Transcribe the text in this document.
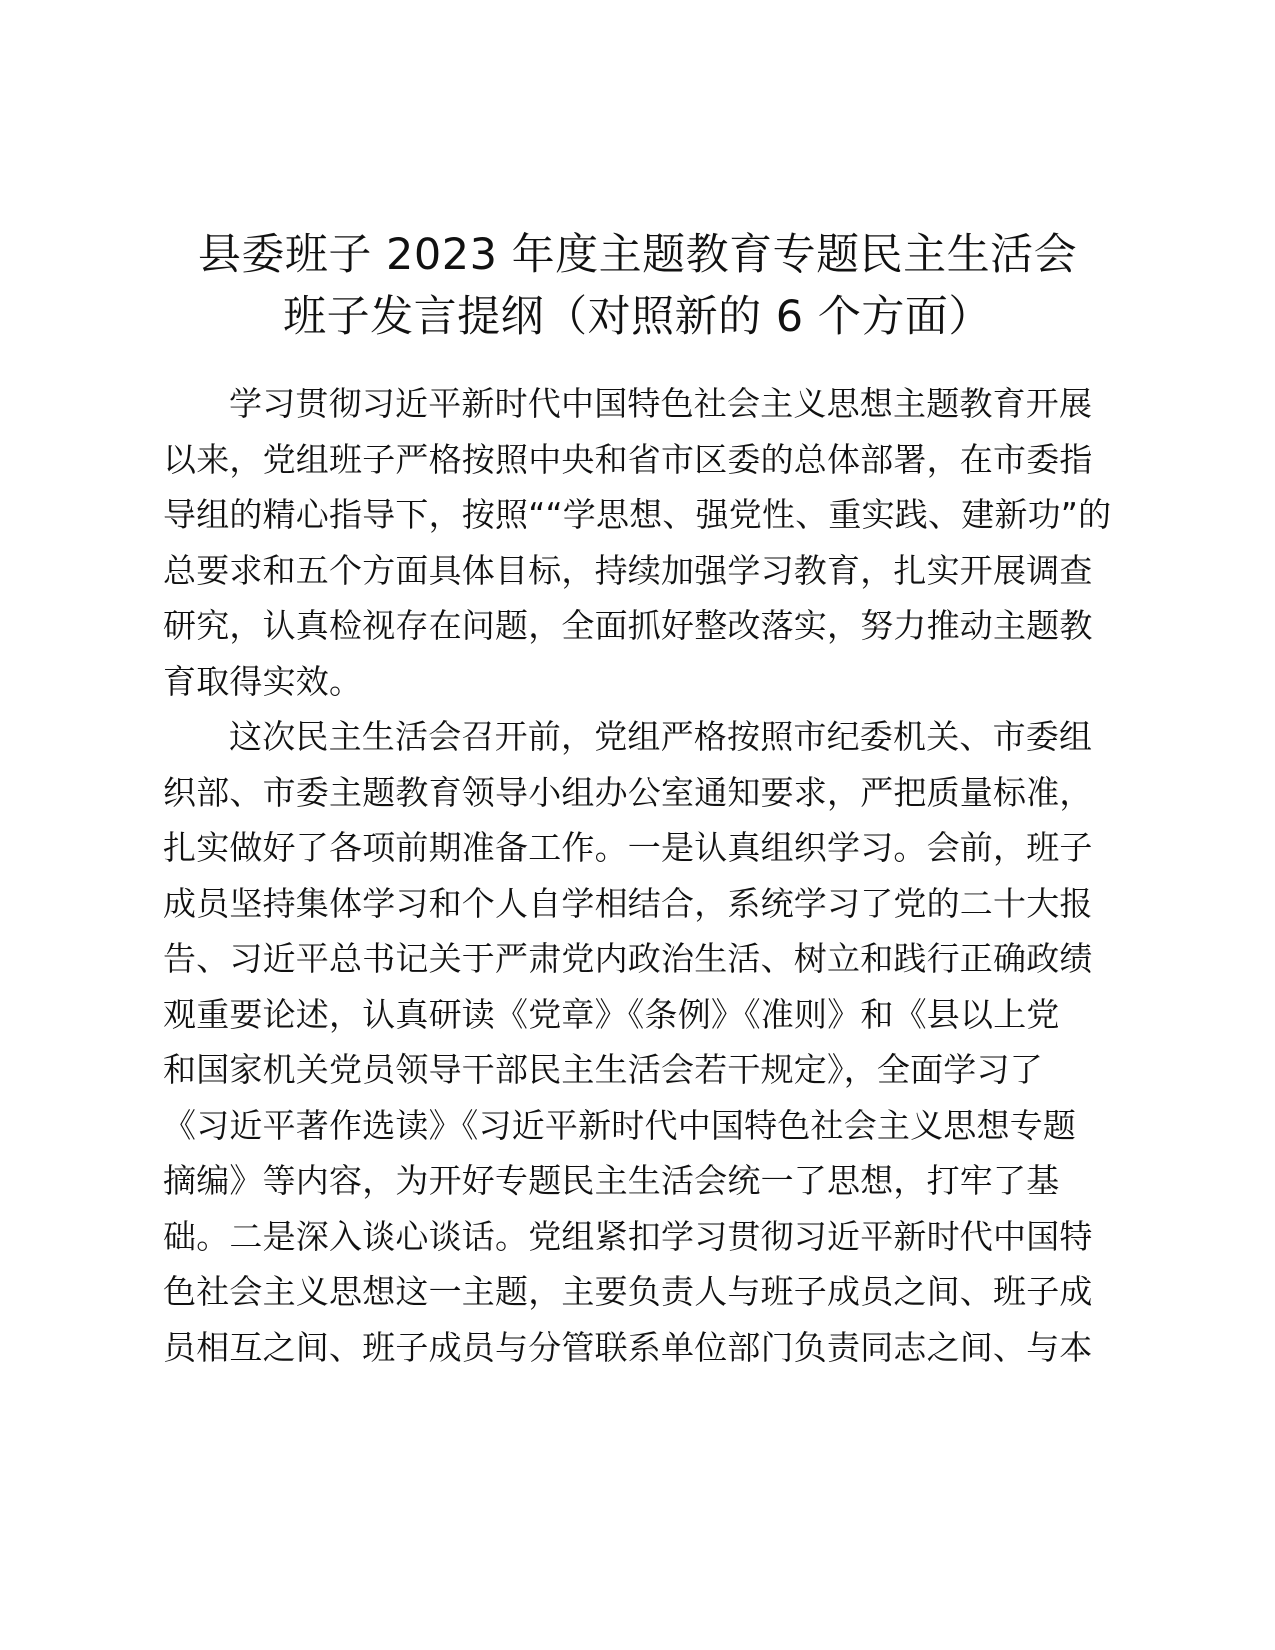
县委班子 2023 年度主题教育专题民主生活会
班子发言提纲（对照新的 6 个方面）
学习贯彻习近平新时代中国特色社会主义思想主题教育开展
以来，党组班子严格按照中央和省市区委的总体部署，在市委指
导组的精心指导下，按照““学思想、强党性、重实践、建新功”的
总要求和五个方面具体目标，持续加强学习教育，扎实开展调查
研究，认真检视存在问题，全面抓好整改落实，努力推动主题教
育取得实效。
这次民主生活会召开前，党组严格按照市纪委机关、市委组
织部、市委主题教育领导小组办公室通知要求，严把质量标准，
扎实做好了各项前期准备工作。一是认真组织学习。会前，班子
成员坚持集体学习和个人自学相结合，系统学习了党的二十大报
告、习近平总书记关于严肃党内政治生活、树立和践行正确政绩
观重要论述，认真研读《党章》《条例》《准则》和《县以上党
和国家机关党员领导干部民主生活会若干规定》，全面学习了
《习近平著作选读》《习近平新时代中国特色社会主义思想专题
摘编》等内容，为开好专题民主生活会统一了思想，打牢了基
础。二是深入谈心谈话。党组紧扣学习贯彻习近平新时代中国特
色社会主义思想这一主题，主要负责人与班子成员之间、班子成
员相互之间、班子成员与分管联系单位部门负责同志之间、与本
